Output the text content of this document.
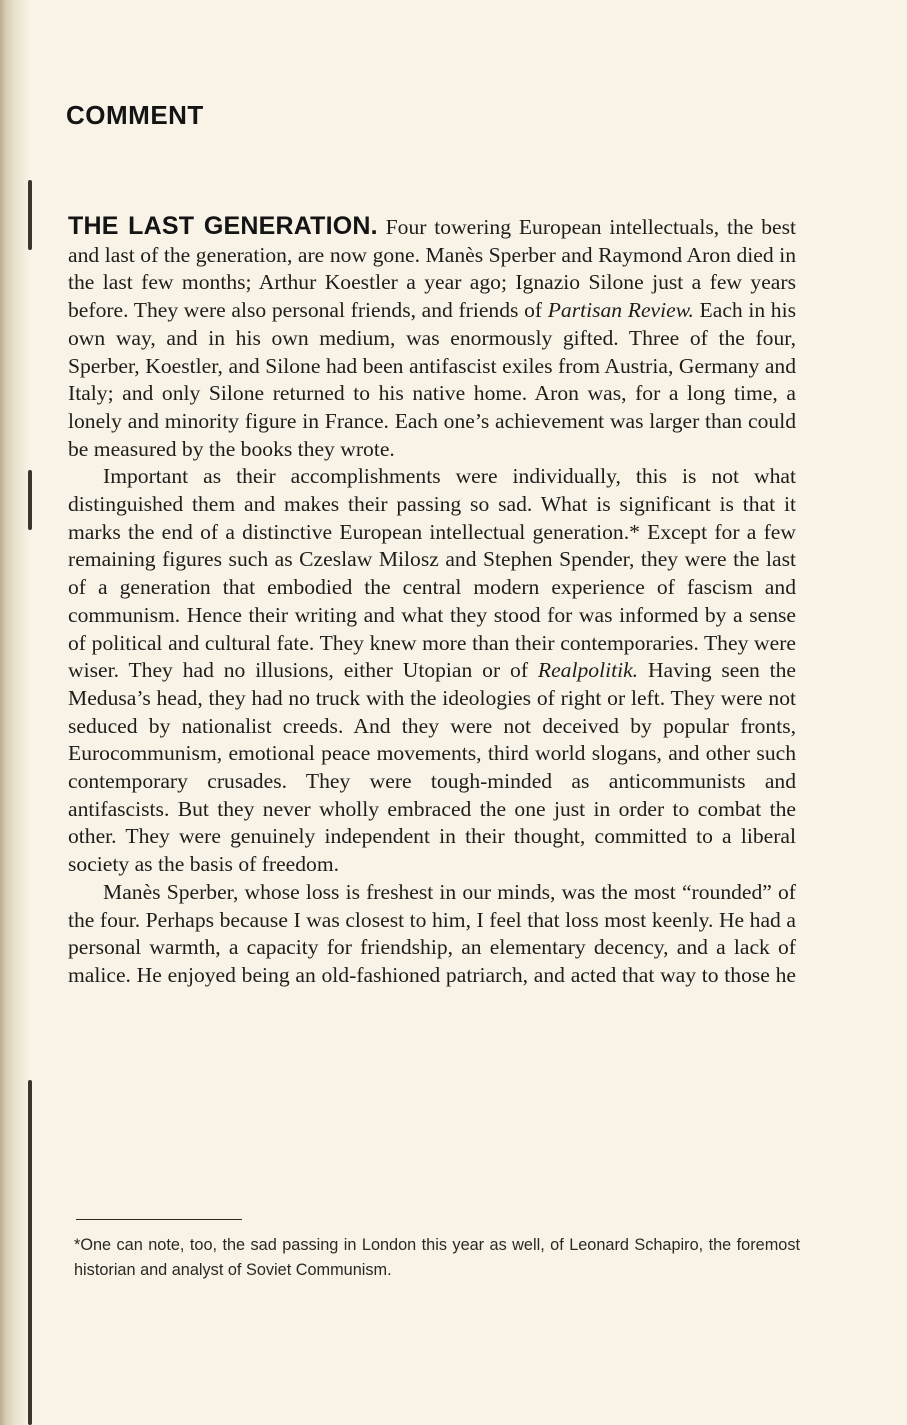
COMMENT

THE LAST GENERATION. Four towering European intellectuals, the best and last of the generation, are now gone. Manès Sperber and Raymond Aron died in the last few months; Arthur Koestler a year ago; Ignazio Silone just a few years before. They were also personal friends, and friends of Partisan Review. Each in his own way, and in his own medium, was enormously gifted. Three of the four, Sperber, Koestler, and Silone had been antifascist exiles from Austria, Germany and Italy; and only Silone returned to his native home. Aron was, for a long time, a lonely and minority figure in France. Each one’s achievement was larger than could be measured by the books they wrote.

Important as their accomplishments were individually, this is not what distinguished them and makes their passing so sad. What is significant is that it marks the end of a distinctive European intellectual generation.* Except for a few remaining figures such as Czeslaw Milosz and Stephen Spender, they were the last of a generation that embodied the central modern experience of fascism and communism. Hence their writing and what they stood for was informed by a sense of political and cultural fate. They knew more than their contemporaries. They were wiser. They had no illusions, either Utopian or of Realpolitik. Having seen the Medusa’s head, they had no truck with the ideologies of right or left. They were not seduced by nationalist creeds. And they were not deceived by popular fronts, Eurocommunism, emotional peace movements, third world slogans, and other such contemporary crusades. They were tough-minded as anticommunists and antifascists. But they never wholly embraced the one just in order to combat the other. They were genuinely independent in their thought, committed to a liberal society as the basis of freedom.

Manès Sperber, whose loss is freshest in our minds, was the most “rounded” of the four. Perhaps because I was closest to him, I feel that loss most keenly. He had a personal warmth, a capacity for friendship, an elementary decency, and a lack of malice. He enjoyed being an old-fashioned patriarch, and acted that way to those he

*One can note, too, the sad passing in London this year as well, of Leonard Schapiro, the foremost historian and analyst of Soviet Communism.
